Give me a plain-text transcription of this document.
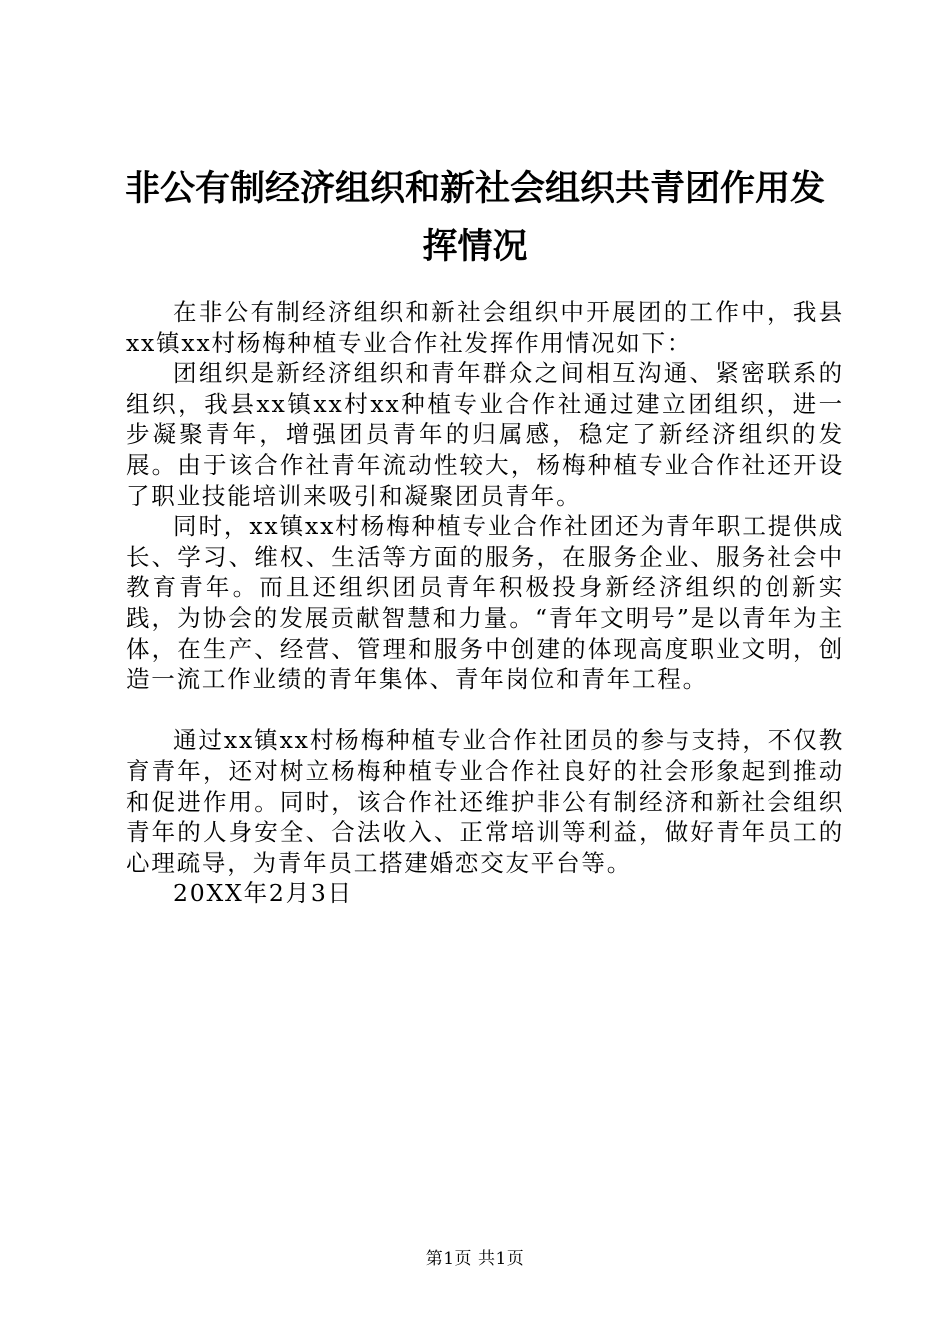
非公有制经济组织和新社会组织共青团作用发挥情况

在非公有制经济组织和新社会组织中开展团的工作中，我县xx镇xx村杨梅种植专业合作社发挥作用情况如下：

团组织是新经济组织和青年群众之间相互沟通、紧密联系的组织，我县xx镇xx村xx种植专业合作社通过建立团组织，进一步凝聚青年，增强团员青年的归属感，稳定了新经济组织的发展。由于该合作社青年流动性较大，杨梅种植专业合作社还开设了职业技能培训来吸引和凝聚团员青年。

同时，xx镇xx村杨梅种植专业合作社团还为青年职工提供成长、学习、维权、生活等方面的服务，在服务企业、服务社会中教育青年。而且还组织团员青年积极投身新经济组织的创新实践，为协会的发展贡献智慧和力量。“青年文明号”是以青年为主体，在生产、经营、管理和服务中创建的体现高度职业文明，创造一流工作业绩的青年集体、青年岗位和青年工程。

通过xx镇xx村杨梅种植专业合作社团员的参与支持，不仅教育青年，还对树立杨梅种植专业合作社良好的社会形象起到推动和促进作用。同时，该合作社还维护非公有制经济和新社会组织青年的人身安全、合法收入、正常培训等利益，做好青年员工的心理疏导，为青年员工搭建婚恋交友平台等。

20XX年2月3日

第1页 共1页
